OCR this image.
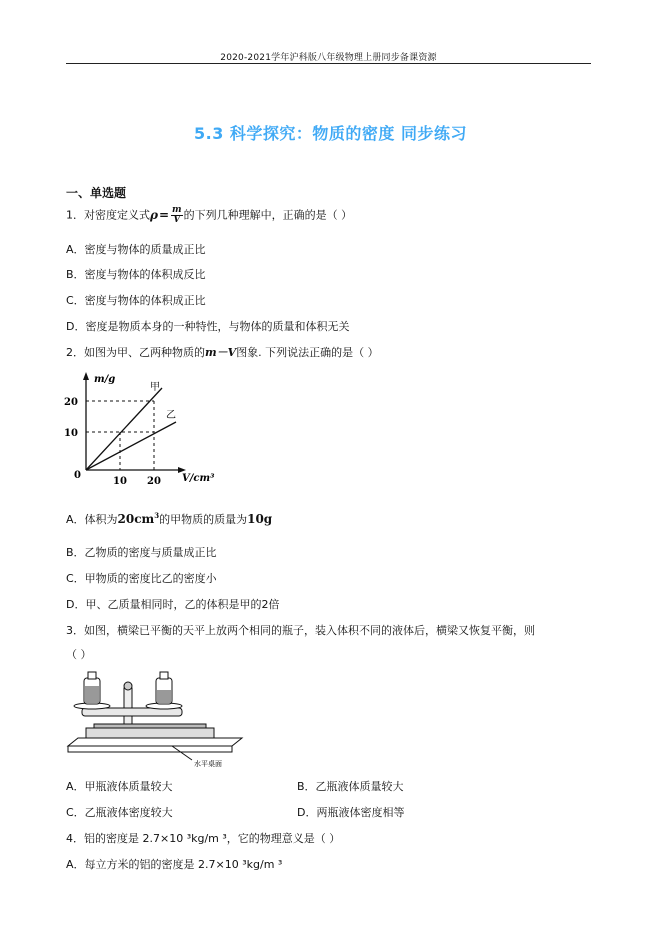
2020-2021学年沪科版八年级物理上册同步备课资源
5.3 科学探究：物质的密度 同步练习
一、单选题
1．对密度定义式$\rho= \frac{m}{V}$ 的下列几种理解中，正确的是（ ）
A．密度与物体的质量成正比
B．密度与物体的体积成反比
C．密度与物体的体积成正比
D．密度是物质本身的一种特性，与物体的质量和体积无关
2．如图为甲、乙两种物质的m－V图象. 下列说法正确的是（ ）
m/g
V/cm³
20
10
0
10 20
甲
乙
A．体积为$20cm^3$的甲物质的质量为10g
B．乙物质的密度与质量成正比
C．甲物质的密度比乙的密度小
D．甲、乙质量相同时，乙的体积是甲的2倍
3．如图，横梁已平衡的天平上放两个相同的瓶子，装入体积不同的液体后，横梁又恢复平衡，则
（ ）
水平桌面
A．甲瓶液体质量较大	B．乙瓶液体质量较大
C．乙瓶液体密度较大	D．两瓶液体密度相等
4．铝的密度是 2.7×10 ³kg/m ³，它的物理意义是（ ）
A．每立方米的铝的密度是 2.7×10 ³kg/m ³
